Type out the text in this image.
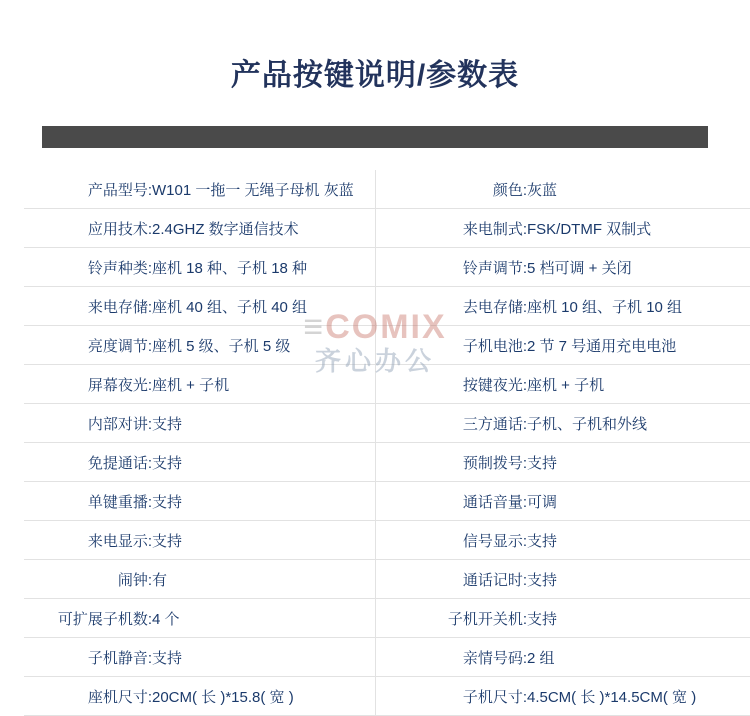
产品按键说明/参数表
产品型号:	W101 一拖一 无绳子母机 灰蓝	颜色:	灰蓝
应用技术:	2.4GHZ 数字通信技术	来电制式:	FSK/DTMF 双制式
铃声种类:	座机 18 种、子机 18 种	铃声调节:	5 档可调 + 关闭
来电存储:	座机 40 组、子机 40 组	去电存储:	座机 10 组、子机 10 组
亮度调节:	座机 5 级、子机 5 级	子机电池:	2 节 7 号通用充电电池
屏幕夜光:	座机 + 子机	按键夜光:	座机 + 子机
内部对讲:	支持	三方通话:	子机、子机和外线
免提通话:	支持	预制拨号:	支持
单键重播:	支持	通话音量:	可调
来电显示:	支持	信号显示:	支持
闹钟:	有	通话记时:	支持
可扩展子机数:	4 个	子机开关机:	支持
子机静音:	支持	亲情号码:	2 组
座机尺寸:	20CM( 长 )*15.8( 宽 )	子机尺寸:	4.5CM( 长 )*14.5CM( 宽 )
≡COMIX
齐心办公
